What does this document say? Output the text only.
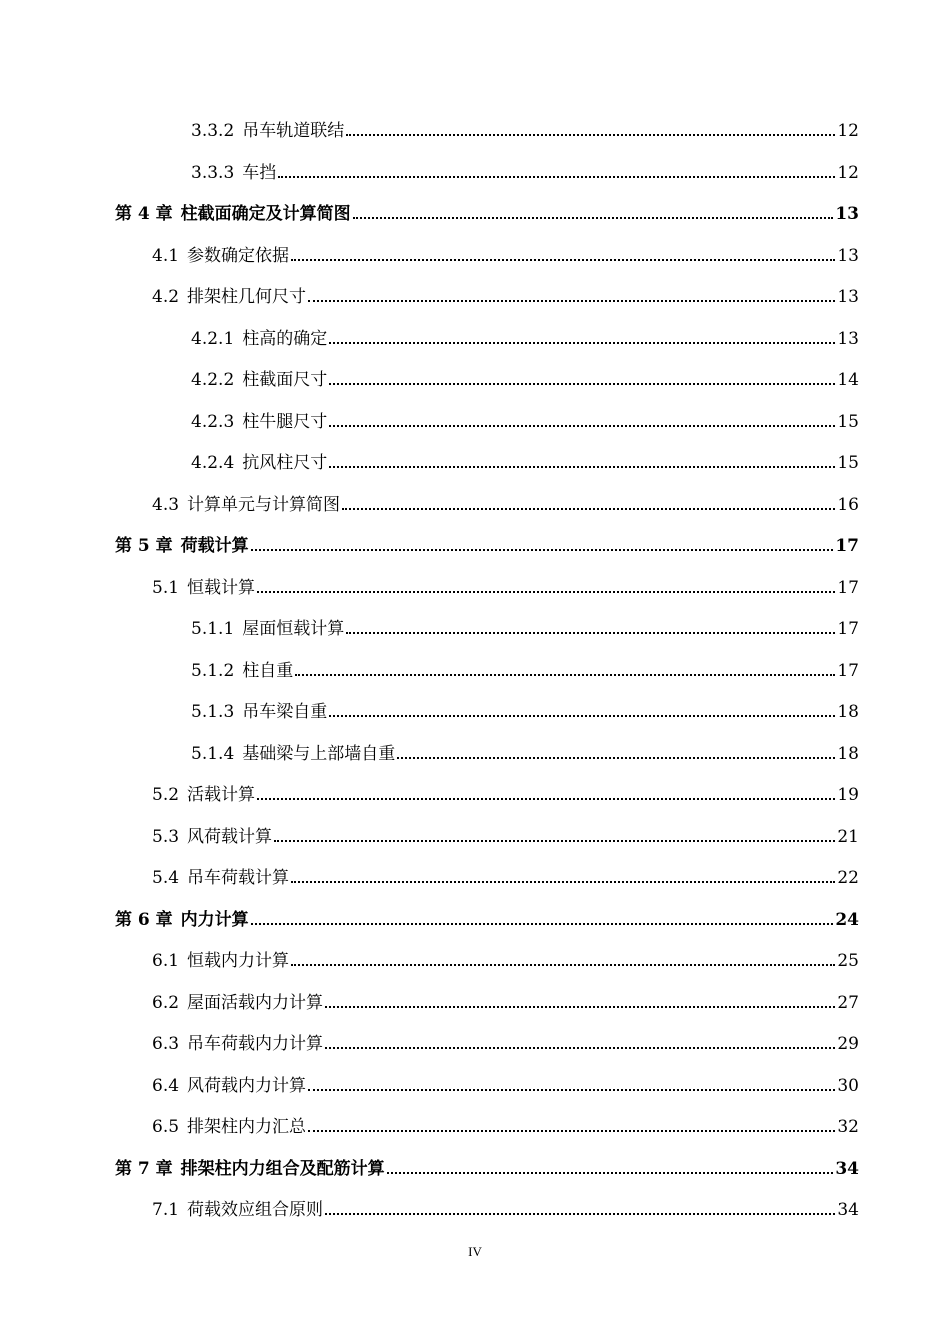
3.3.2 吊车轨道联结	12
3.3.3 车挡	12
第 4 章 柱截面确定及计算简图	13
4.1 参数确定依据	13
4.2 排架柱几何尺寸	13
4.2.1 柱高的确定	13
4.2.2 柱截面尺寸	14
4.2.3 柱牛腿尺寸	15
4.2.4 抗风柱尺寸	15
4.3 计算单元与计算简图	16
第 5 章 荷载计算	17
5.1 恒载计算	17
5.1.1 屋面恒载计算	17
5.1.2 柱自重	17
5.1.3 吊车梁自重	18
5.1.4 基础梁与上部墙自重	18
5.2 活载计算	19
5.3 风荷载计算	21
5.4 吊车荷载计算	22
第 6 章 内力计算	24
6.1 恒载内力计算	25
6.2 屋面活载内力计算	27
6.3 吊车荷载内力计算	29
6.4 风荷载内力计算	30
6.5 排架柱内力汇总	32
第 7 章 排架柱内力组合及配筋计算	34
7.1 荷载效应组合原则	34
IV
